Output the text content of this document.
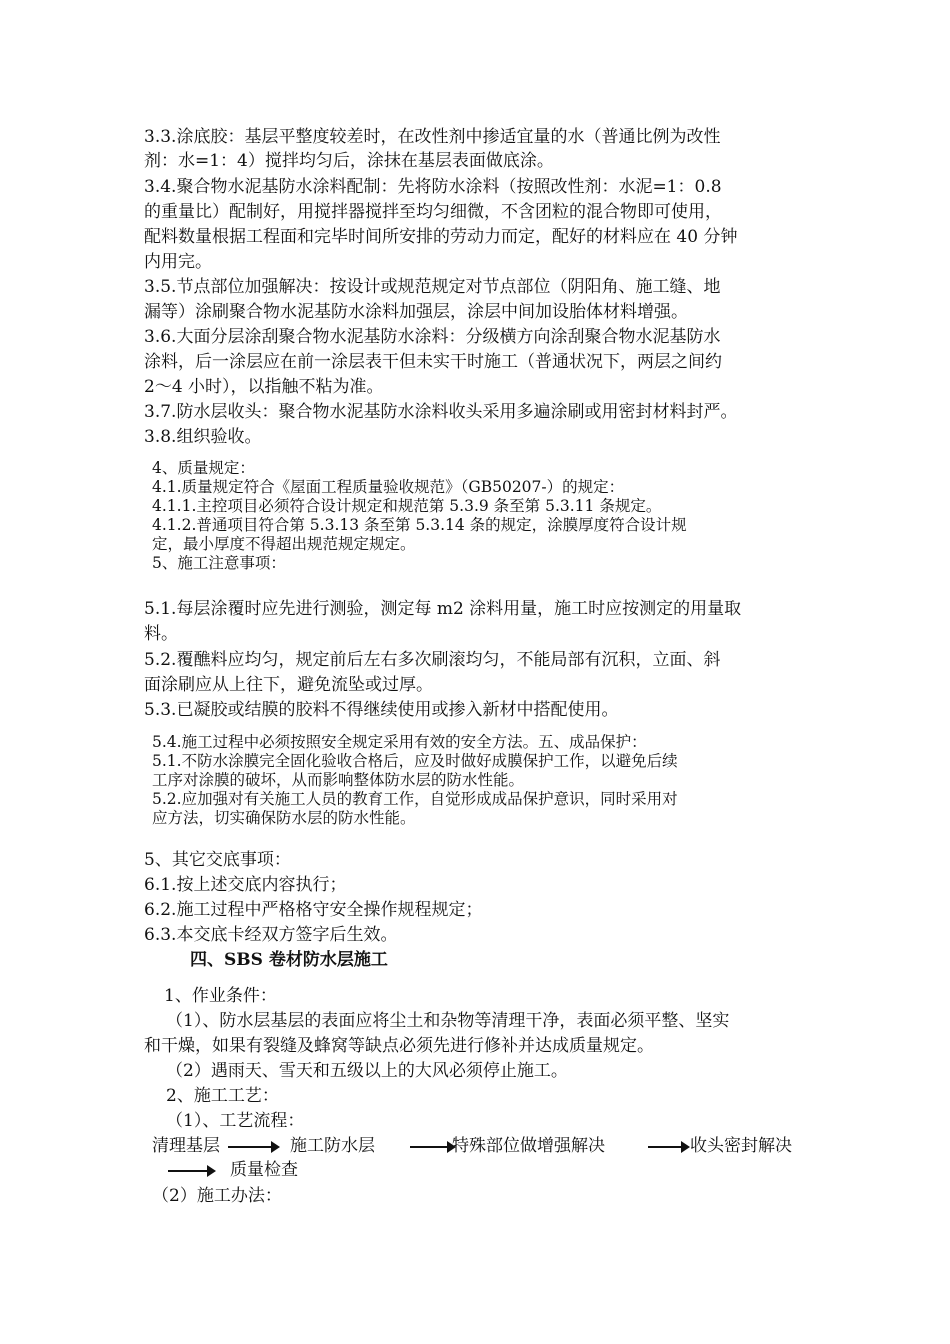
3.3.涂底胶：基层平整度较差时，在改性剂中掺适宜量的水（普通比例为改性
剂：水=1：4）搅拌均匀后，涂抹在基层表面做底涂。
3.4.聚合物水泥基防水涂料配制：先将防水涂料（按照改性剂：水泥=1：0.8
的重量比）配制好，用搅拌器搅拌至均匀细微，不含团粒的混合物即可使用，
配料数量根据工程面和完毕时间所安排的劳动力而定，配好的材料应在 40 分钟
内用完。
3.5.节点部位加强解决：按设计或规范规定对节点部位（阴阳角、施工缝、地
漏等）涂刷聚合物水泥基防水涂料加强层，涂层中间加设胎体材料增强。
3.6.大面分层涂刮聚合物水泥基防水涂料：分级横方向涂刮聚合物水泥基防水
涂料，后一涂层应在前一涂层表干但未实干时施工（普通状况下，两层之间约
2～4 小时），以指触不粘为准。
3.7.防水层收头：聚合物水泥基防水涂料收头采用多遍涂刷或用密封材料封严。
3.8.组织验收。
4、质量规定：
4.1.质量规定符合《屋面工程质量验收规范》（GB50207-）的规定：
4.1.1.主控项目必须符合设计规定和规范第 5.3.9 条至第 5.3.11 条规定。
4.1.2.普通项目符合第 5.3.13 条至第 5.3.14 条的规定，涂膜厚度符合设计规
定，最小厚度不得超出规范规定规定。
5、施工注意事项：
5.1.每层涂覆时应先进行测验，测定每 m2 涂料用量，施工时应按测定的用量取
料。
5.2.覆醮料应均匀，规定前后左右多次刷滚均匀，不能局部有沉积，立面、斜
面涂刷应从上往下，避免流坠或过厚。
5.3.已凝胶或结膜的胶料不得继续使用或掺入新材中搭配使用。
5.4.施工过程中必须按照安全规定采用有效的安全方法。五、成品保护：
5.1.不防水涂膜完全固化验收合格后，应及时做好成膜保护工作，以避免后续
工序对涂膜的破坏，从而影响整体防水层的防水性能。
5.2.应加强对有关施工人员的教育工作，自觉形成成品保护意识，同时采用对
应方法，切实确保防水层的防水性能。
5、其它交底事项：
6.1.按上述交底内容执行；
6.2.施工过程中严格格守安全操作规程规定；
6.3.本交底卡经双方签字后生效。
四、SBS 卷材防水层施工
1、作业条件：
（1）、防水层基层的表面应将尘土和杂物等清理干净，表面必须平整、坚实
和干燥，如果有裂缝及蜂窝等缺点必须先进行修补并达成质量规定。
（2）遇雨天、雪天和五级以上的大风必须停止施工。
2、施工工艺：
（1）、工艺流程：
清理基层	施工防水层	特殊部位做增强解决	收头密封解决
质量检查
（2）施工办法：
